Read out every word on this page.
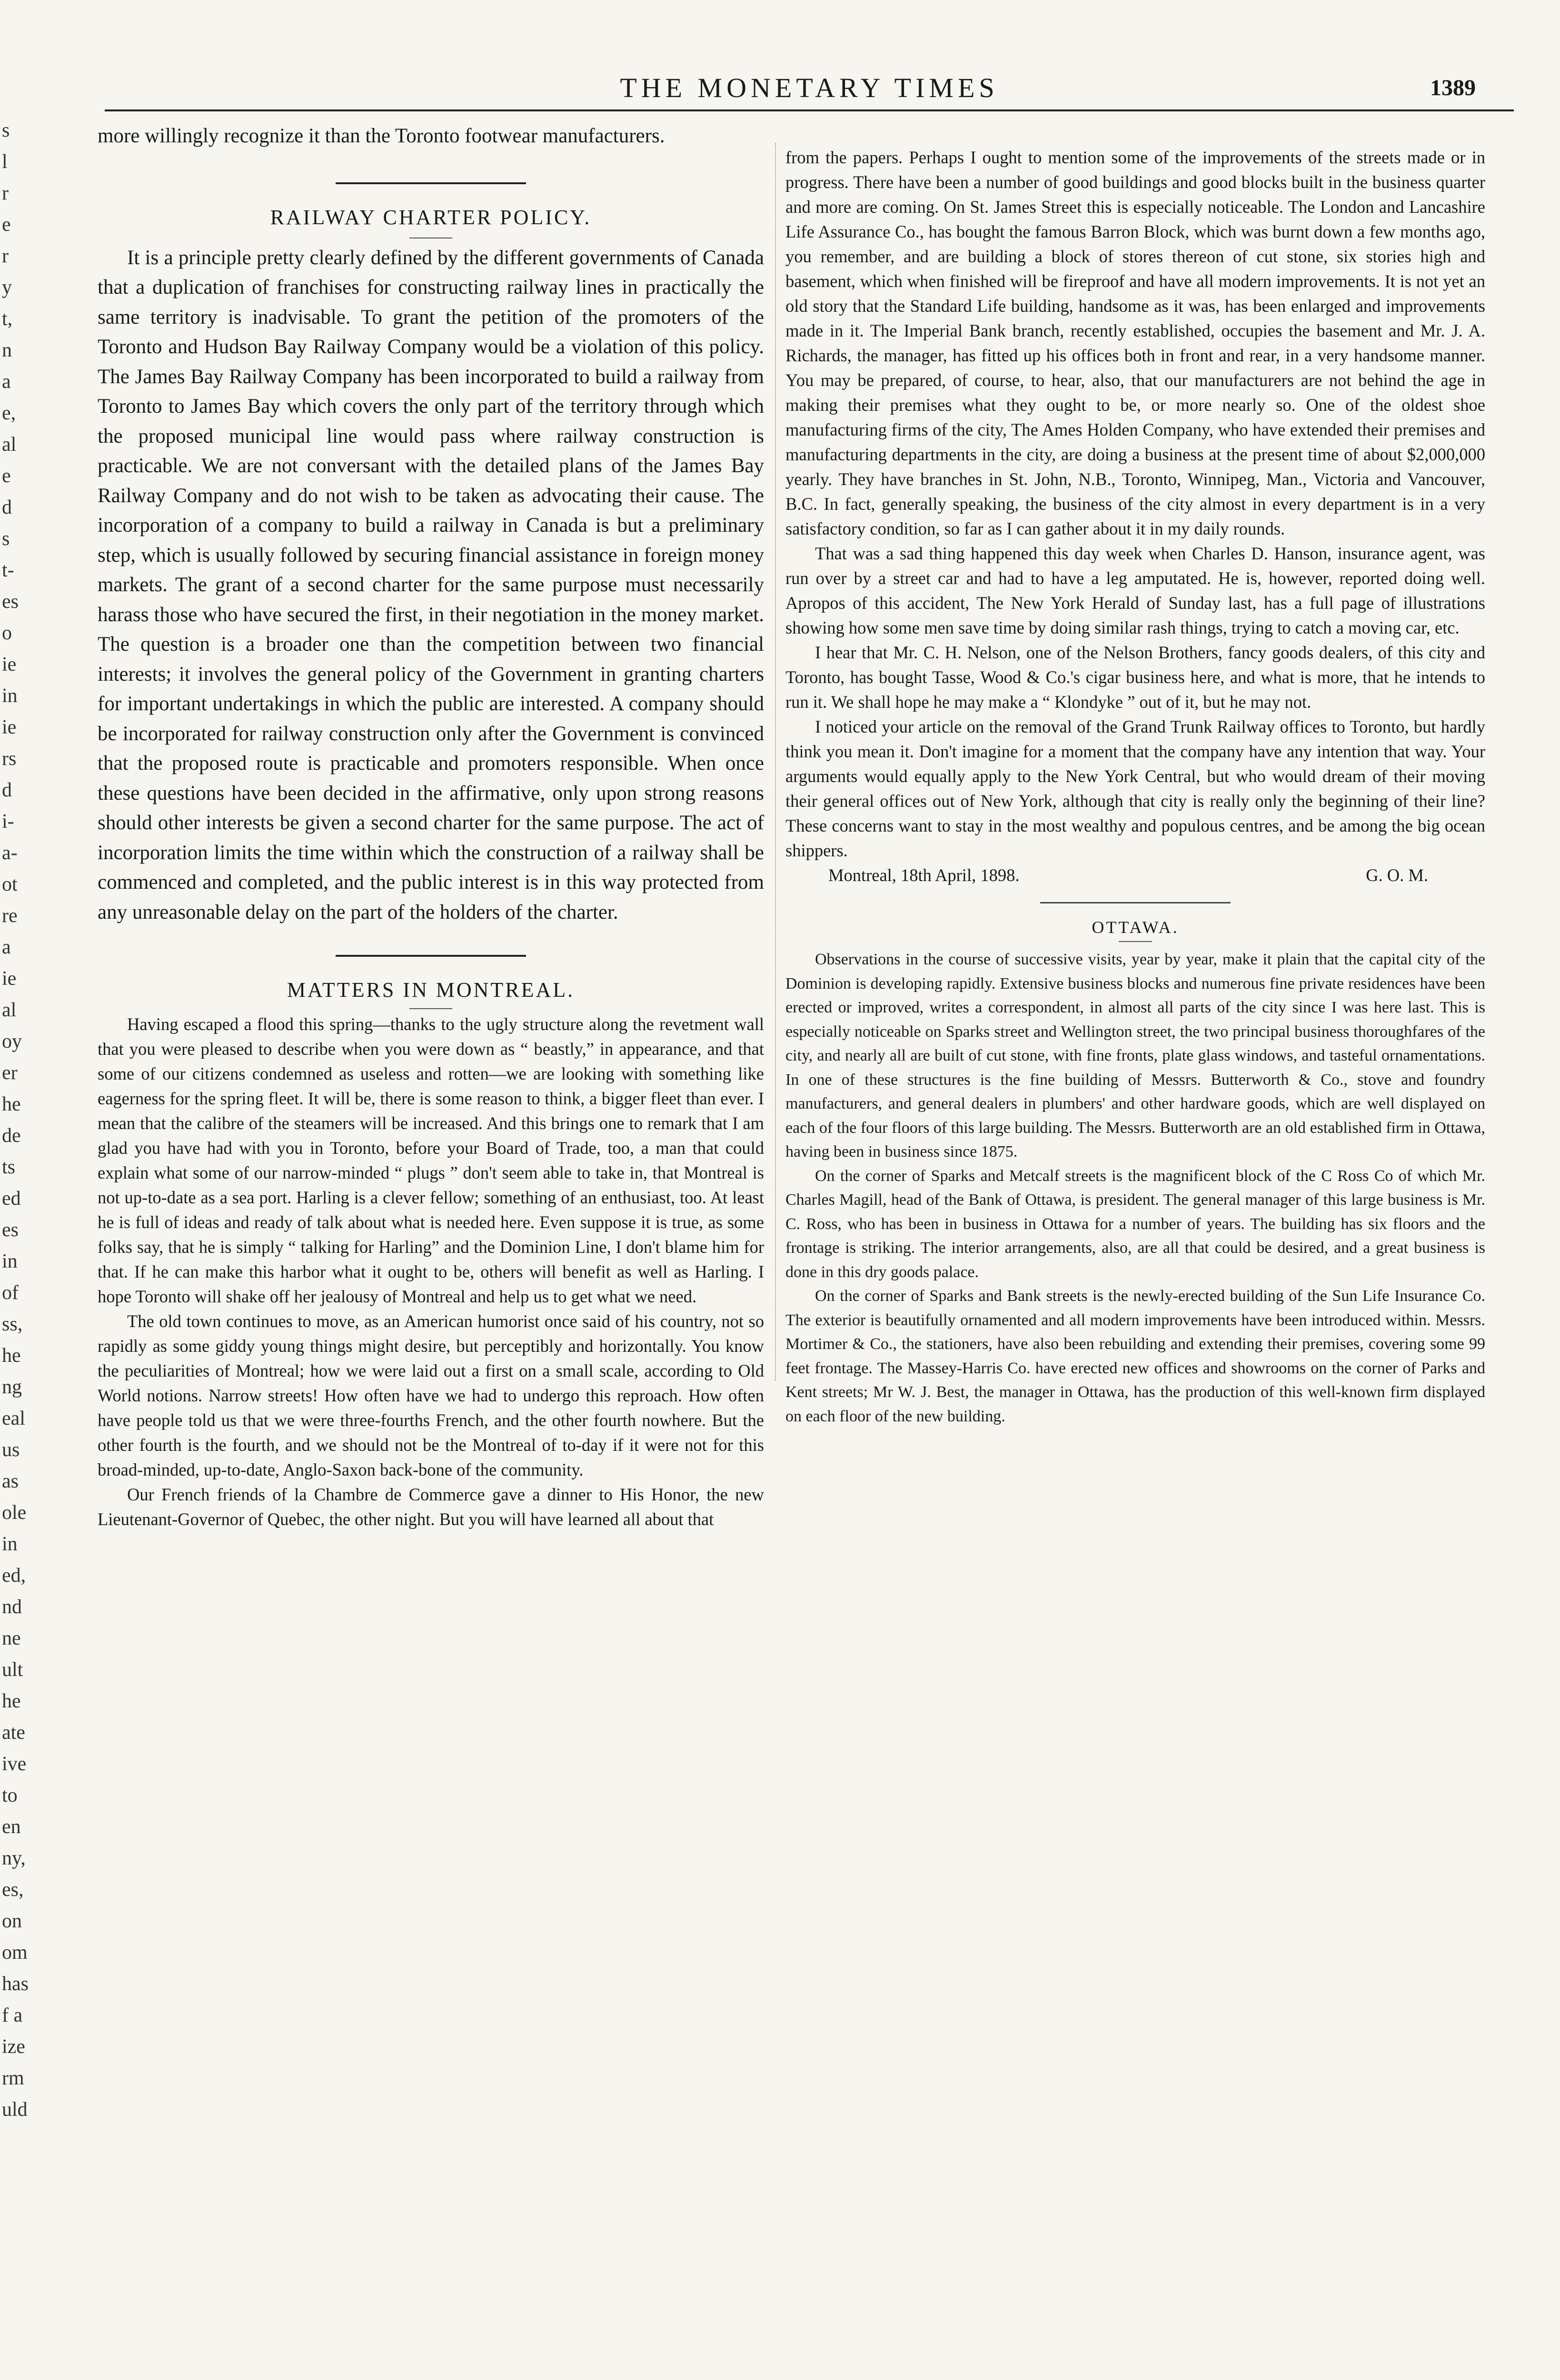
THE MONETARY TIMES	1389
s
l
r
e
r
y
t,
n
a
e,
al
e
d
s
t-
es
o
ie
in
ie
rs
d
i-
a-
ot
re
a
ie
al
oy
er
he
de
ts
ed
es
in
of
ss,
he
ng
eal
us
as
ole
in
ed,
nd
ne
ult
he
ate
ive
to
en
ny,
es,
on
om
has
f a
ize
rm
uld

more willingly recognize it than the Toronto footwear manufacturers.

RAILWAY CHARTER POLICY.

It is a principle pretty clearly defined by the different governments of Canada that a duplication of franchises for constructing railway lines in practically the same territory is inadvisable. To grant the petition of the promoters of the Toronto and Hudson Bay Railway Company would be a violation of this policy. The James Bay Railway Company has been incorporated to build a railway from Toronto to James Bay which covers the only part of the territory through which the proposed municipal line would pass where railway construction is practicable. We are not conversant with the detailed plans of the James Bay Railway Company and do not wish to be taken as advocating their cause. The incorporation of a company to build a railway in Canada is but a preliminary step, which is usually followed by securing financial assistance in foreign money markets. The grant of a second charter for the same purpose must necessarily harass those who have secured the first, in their negotiation in the money market. The question is a broader one than the competition between two financial interests; it involves the general policy of the Government in granting charters for important undertakings in which the public are interested. A company should be incorporated for railway construction only after the Government is convinced that the proposed route is practicable and promoters responsible. When once these questions have been decided in the affirmative, only upon strong reasons should other interests be given a second charter for the same purpose. The act of incorporation limits the time within which the construction of a railway shall be commenced and completed, and the public interest is in this way protected from any unreasonable delay on the part of the holders of the charter.

MATTERS IN MONTREAL.

Having escaped a flood this spring—thanks to the ugly structure along the revetment wall that you were pleased to describe when you were down as “ beastly,” in appearance, and that some of our citizens condemned as useless and rotten—we are looking with something like eagerness for the spring fleet. It will be, there is some reason to think, a bigger fleet than ever. I mean that the calibre of the steamers will be increased. And this brings one to remark that I am glad you have had with you in Toronto, before your Board of Trade, too, a man that could explain what some of our narrow-minded “ plugs ” don't seem able to take in, that Montreal is not up-to-date as a sea port. Harling is a clever fellow; something of an enthusiast, too. At least he is full of ideas and ready of talk about what is needed here. Even suppose it is true, as some folks say, that he is simply “ talking for Harling” and the Dominion Line, I don't blame him for that. If he can make this harbor what it ought to be, others will benefit as well as Harling. I hope Toronto will shake off her jealousy of Montreal and help us to get what we need.

The old town continues to move, as an American humorist once said of his country, not so rapidly as some giddy young things might desire, but perceptibly and horizontally. You know the peculiarities of Montreal; how we were laid out a first on a small scale, according to Old World notions. Narrow streets! How often have we had to undergo this reproach. How often have people told us that we were three-fourths French, and the other fourth nowhere. But the other fourth is the fourth, and we should not be the Montreal of to-day if it were not for this broad-minded, up-to-date, Anglo-Saxon back-bone of the community.

Our French friends of la Chambre de Commerce gave a dinner to His Honor, the new Lieutenant-Governor of Quebec, the other night. But you will have learned all about that

from the papers. Perhaps I ought to mention some of the improvements of the streets made or in progress. There have been a number of good buildings and good blocks built in the business quarter and more are coming. On St. James Street this is especially noticeable. The London and Lancashire Life Assurance Co., has bought the famous Barron Block, which was burnt down a few months ago, you remember, and are building a block of stores thereon of cut stone, six stories high and basement, which when finished will be fireproof and have all modern improvements. It is not yet an old story that the Standard Life building, handsome as it was, has been enlarged and improvements made in it. The Imperial Bank branch, recently established, occupies the basement and Mr. J. A. Richards, the manager, has fitted up his offices both in front and rear, in a very handsome manner. You may be prepared, of course, to hear, also, that our manufacturers are not behind the age in making their premises what they ought to be, or more nearly so. One of the oldest shoe manufacturing firms of the city, The Ames Holden Company, who have extended their premises and manufacturing departments in the city, are doing a business at the present time of about $2,000,000 yearly. They have branches in St. John, N.B., Toronto, Winnipeg, Man., Victoria and Vancouver, B.C. In fact, generally speaking, the business of the city almost in every department is in a very satisfactory condition, so far as I can gather about it in my daily rounds.

That was a sad thing happened this day week when Charles D. Hanson, insurance agent, was run over by a street car and had to have a leg amputated. He is, however, reported doing well. Apropos of this accident, The New York Herald of Sunday last, has a full page of illustrations showing how some men save time by doing similar rash things, trying to catch a moving car, etc.

I hear that Mr. C. H. Nelson, one of the Nelson Brothers, fancy goods dealers, of this city and Toronto, has bought Tasse, Wood & Co.'s cigar business here, and what is more, that he intends to run it. We shall hope he may make a “ Klondyke ” out of it, but he may not.

I noticed your article on the removal of the Grand Trunk Railway offices to Toronto, but hardly think you mean it. Don't imagine for a moment that the company have any intention that way. Your arguments would equally apply to the New York Central, but who would dream of their moving their general offices out of New York, although that city is really only the beginning of their line? These concerns want to stay in the most wealthy and populous centres, and be among the big ocean shippers.

Montreal, 18th April, 1898.	G. O. M.
OTTAWA.

Observations in the course of successive visits, year by year, make it plain that the capital city of the Dominion is developing rapidly. Extensive business blocks and numerous fine private residences have been erected or improved, writes a correspondent, in almost all parts of the city since I was here last. This is especially noticeable on Sparks street and Wellington street, the two principal business thoroughfares of the city, and nearly all are built of cut stone, with fine fronts, plate glass windows, and tasteful ornamentations. In one of these structures is the fine building of Messrs. Butterworth & Co., stove and foundry manufacturers, and general dealers in plumbers' and other hardware goods, which are well displayed on each of the four floors of this large building. The Messrs. Butterworth are an old established firm in Ottawa, having been in business since 1875.

On the corner of Sparks and Metcalf streets is the magnificent block of the C Ross Co of which Mr. Charles Magill, head of the Bank of Ottawa, is president. The general manager of this large business is Mr. C. Ross, who has been in business in Ottawa for a number of years. The building has six floors and the frontage is striking. The interior arrangements, also, are all that could be desired, and a great business is done in this dry goods palace.

On the corner of Sparks and Bank streets is the newly-erected building of the Sun Life Insurance Co. The exterior is beautifully ornamented and all modern improvements have been introduced within. Messrs. Mortimer & Co., the stationers, have also been rebuilding and extending their premises, covering some 99 feet frontage. The Massey-Harris Co. have erected new offices and showrooms on the corner of Parks and Kent streets; Mr W. J. Best, the manager in Ottawa, has the production of this well-known firm displayed on each floor of the new building.
